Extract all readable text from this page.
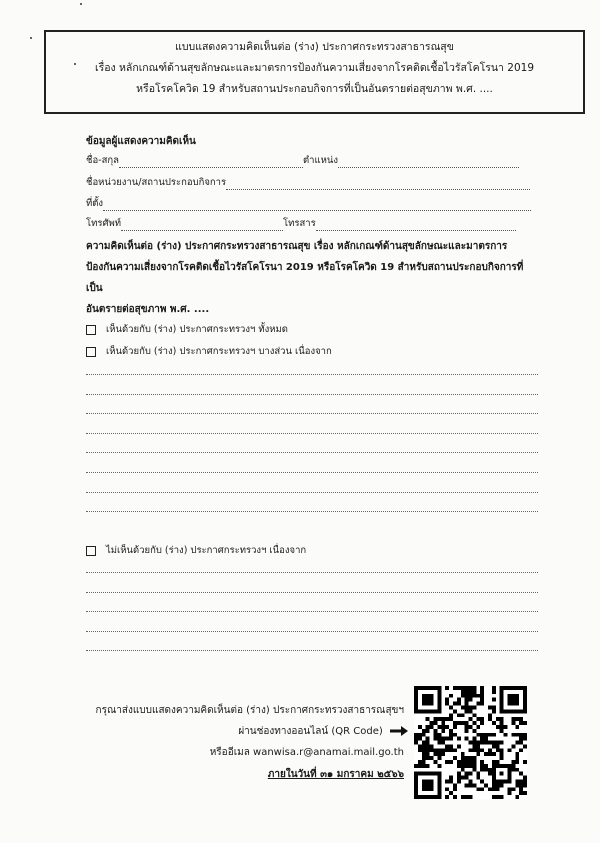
แบบแสดงความคิดเห็นต่อ (ร่าง) ประกาศกระทรวงสาธารณสุข
เรื่อง หลักเกณฑ์ด้านสุขลักษณะและมาตรการป้องกันความเสี่ยงจากโรคติดเชื้อไวรัสโคโรนา 2019
หรือโรคโควิด 19 สำหรับสถานประกอบกิจการที่เป็นอันตรายต่อสุขภาพ พ.ศ. ....
ข้อมูลผู้แสดงความคิดเห็น
ชื่อ-สกุล	ตำแหน่ง
ชื่อหน่วยงาน/สถานประกอบกิจการ
ที่ตั้ง
โทรศัพท์	โทรสาร
ความคิดเห็นต่อ (ร่าง) ประกาศกระทรวงสาธารณสุข เรื่อง หลักเกณฑ์ด้านสุขลักษณะและมาตรการ
ป้องกันความเสี่ยงจากโรคติดเชื้อไวรัสโคโรนา 2019 หรือโรคโควิด 19 สำหรับสถานประกอบกิจการที่เป็น
อันตรายต่อสุขภาพ พ.ศ. ....
เห็นด้วยกับ (ร่าง) ประกาศกระทรวงฯ ทั้งหมด
เห็นด้วยกับ (ร่าง) ประกาศกระทรวงฯ บางส่วน เนื่องจาก
ไม่เห็นด้วยกับ (ร่าง) ประกาศกระทรวงฯ เนื่องจาก
กรุณาส่งแบบแสดงความคิดเห็นต่อ (ร่าง) ประกาศกระทรวงสาธารณสุขฯ
ผ่านช่องทางออนไลน์ (QR Code)
หรืออีเมล wanwisa.r@anamai.mail.go.th
ภายในวันที่ ๓๑ มกราคม ๒๕๖๖
